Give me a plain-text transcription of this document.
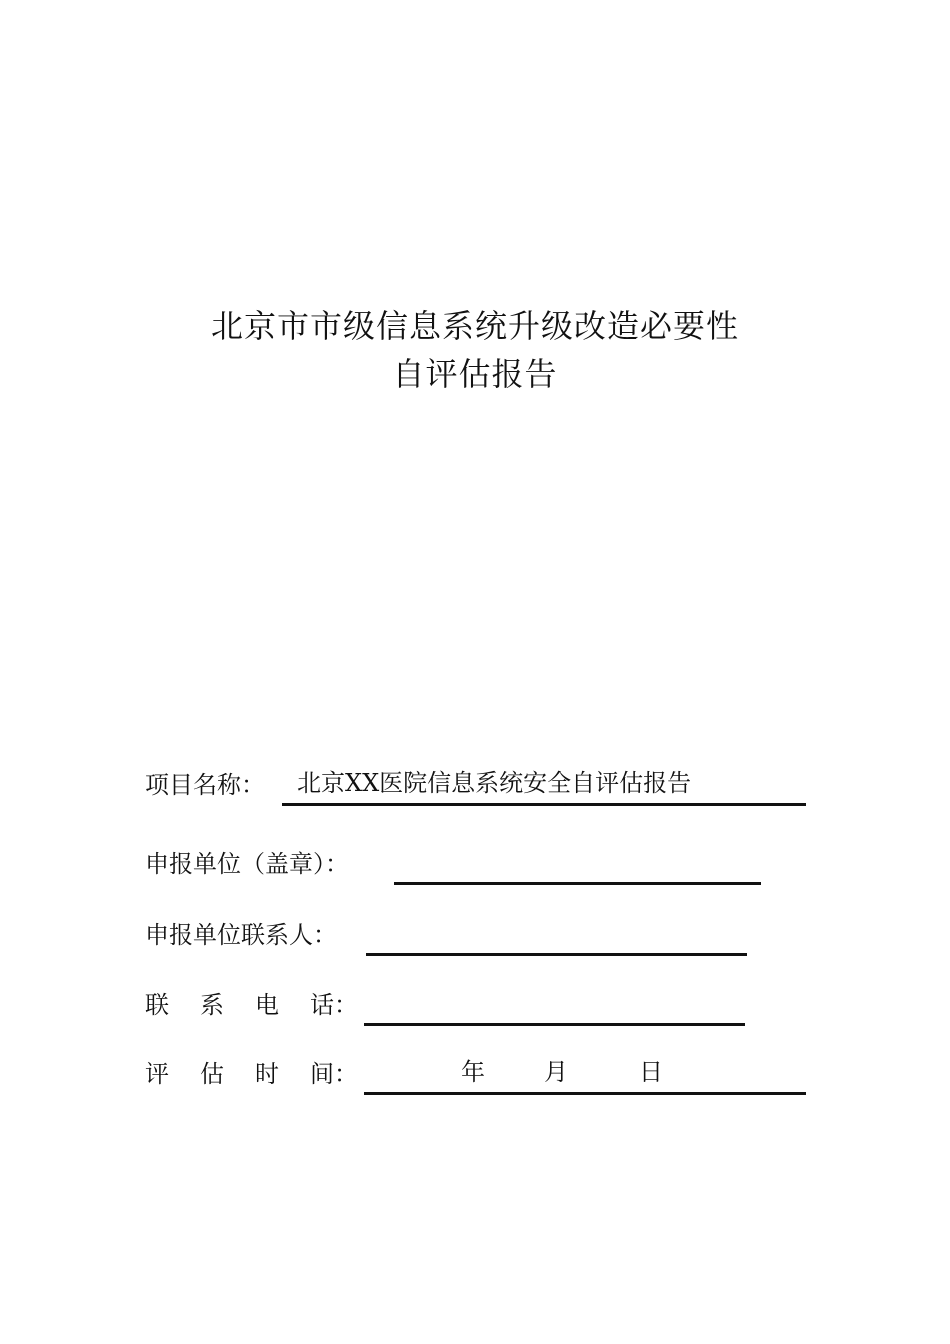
北京市市级信息系统升级改造必要性
自评估报告
项目名称： 北京XX医院信息系统安全自评估报告
申报单位（盖章）：
申报单位联系人：
联 系 电 话：
评 估 时 间：	年 月	日
